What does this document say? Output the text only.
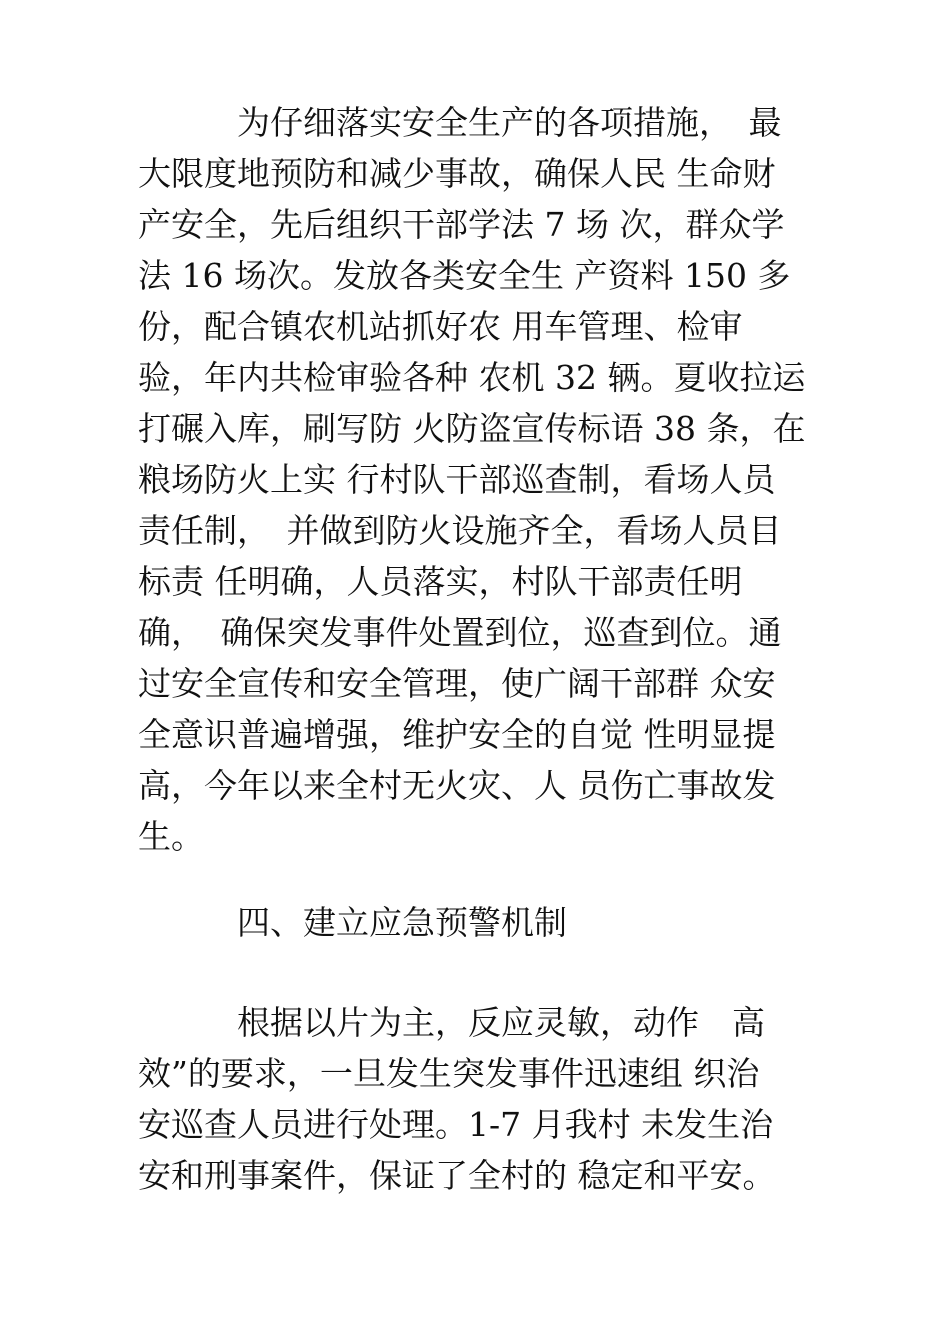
　　　为仔细落实安全生产的各项措施，　最
大限度地预防和减少事故，确保人民 生命财
产安全，先后组织干部学法 7 场 次，群众学
法 16 场次。发放各类安全生 产资料 150 多
份，配合镇农机站抓好农 用车管理、检审
验，年内共检审验各种 农机 32 辆。夏收拉运
打碾入库，刷写防 火防盗宣传标语 38 条，在
粮场防火上实 行村队干部巡查制，看场人员
责任制，　并做到防火设施齐全，看场人员目
标责 任明确，人员落实，村队干部责任明
确，　确保突发事件处置到位，巡查到位。通
过安全宣传和安全管理，使广阔干部群 众安
全意识普遍增强，维护安全的自觉 性明显提
高，今年以来全村无火灾、人 员伤亡事故发
生。
　　　四、建立应急预警机制
　　　根据以片为主，反应灵敏，动作　高
效”的要求，一旦发生突发事件迅速组 织治
安巡查人员进行处理。1-7 月我村 未发生治
安和刑事案件，保证了全村的 稳定和平安。
